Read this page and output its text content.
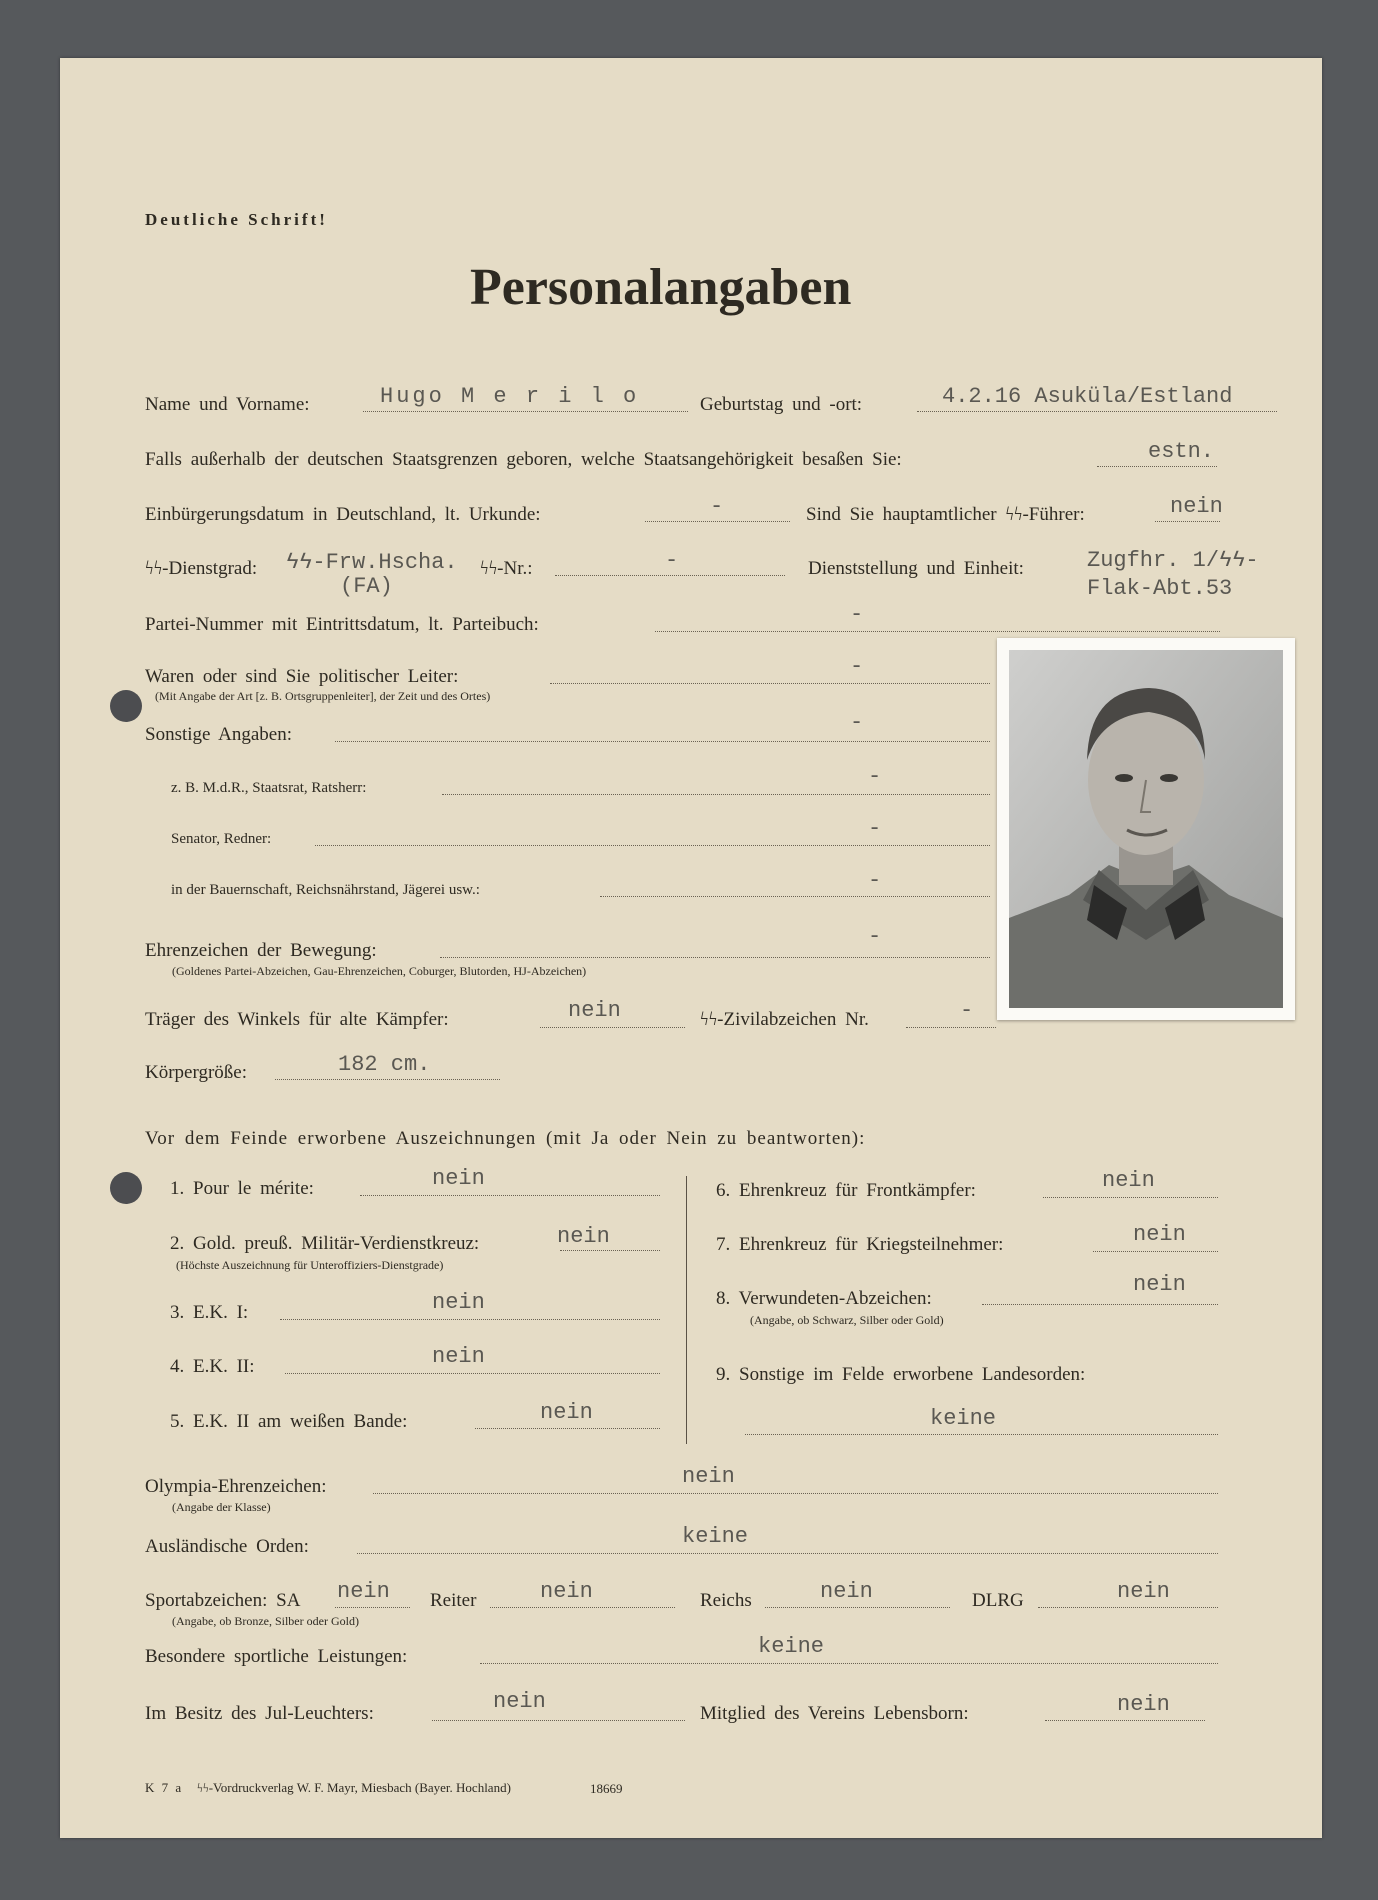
Deutliche Schrift!
Personalangaben
Name und Vorname:	Hugo M e r i l o	Geburtstag und -ort:	4.2.16 Asuküla/Estland
Falls außerhalb der deutschen Staatsgrenzen geboren, welche Staatsangehörigkeit besaßen Sie:	estn.
Einbürgerungsdatum in Deutschland, lt. Urkunde:	-	Sind Sie hauptamtlicher ϟϟ-Führer:	nein
ϟϟ-Dienstgrad: ϟϟ-Frw.Hscha.
(FA)
ϟϟ-Nr.:	-	Dienststellung und Einheit:	Zugfhr. 1/ϟϟ-
Flak-Abt.53
Partei-Nummer mit Eintrittsdatum, lt. Parteibuch:	-
Waren oder sind Sie politischer Leiter:
(Mit Angabe der Art [z. B. Ortsgruppenleiter], der Zeit und des Ortes)
-
Sonstige Angaben:	-
z. B. M.d.R., Staatsrat, Ratsherr:	-
Senator, Redner:	-
in der Bauernschaft, Reichsnährstand, Jägerei usw.:	-
Ehrenzeichen der Bewegung:
(Goldenes Partei-Abzeichen, Gau-Ehrenzeichen, Coburger, Blutorden, HJ-Abzeichen)
-
Träger des Winkels für alte Kämpfer:	nein	ϟϟ-Zivilabzeichen Nr.	-
Körpergröße:	182 cm.
Vor dem Feinde erworbene Auszeichnungen (mit Ja oder Nein zu beantworten):
1. Pour le mérite:	nein
2. Gold. preuß. Militär-Verdienstkreuz:
(Höchste Auszeichnung für Unteroffiziers-Dienstgrade)
nein
3. E.K. I:	nein
4. E.K. II:	nein
5. E.K. II am weißen Bande:	nein
6. Ehrenkreuz für Frontkämpfer:	nein
7. Ehrenkreuz für Kriegsteilnehmer:	nein
8. Verwundeten-Abzeichen:
(Angabe, ob Schwarz, Silber oder Gold)
nein
9. Sonstige im Felde erworbene Landesorden:
keine
Olympia-Ehrenzeichen:
(Angabe der Klasse)
nein
Ausländische Orden:	keine
Sportabzeichen: SA
(Angabe, ob Bronze, Silber oder Gold)
nein Reiter	nein	Reichs	nein	DLRG	nein
Besondere sportliche Leistungen:	keine
Im Besitz des Jul-Leuchters:	nein	Mitglied des Vereins Lebensborn:	nein
K 7 a ϟϟ-Vordruckverlag W. F. Mayr, Miesbach (Bayer. Hochland)	18669
